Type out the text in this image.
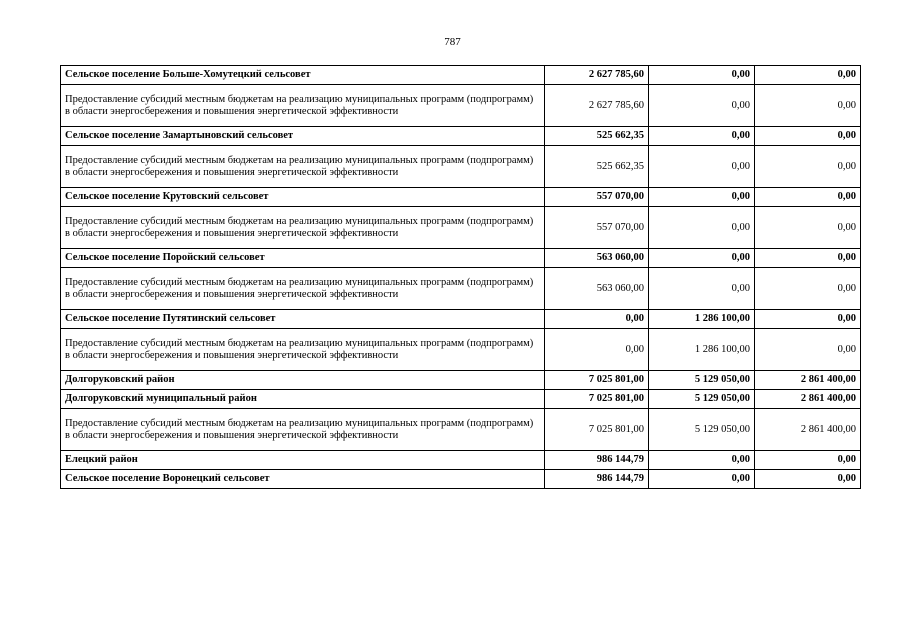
787
Сельское поселение Больше-Хомутецкий сельсовет	2 627 785,60	0,00	0,00
Предоставление субсидий местным бюджетам на реализацию муниципальных программ (подпрограмм) в области энергосбережения и повышения энергетической эффективности	2 627 785,60	0,00	0,00
Сельское поселение Замартыновский сельсовет	525 662,35	0,00	0,00
Предоставление субсидий местным бюджетам на реализацию муниципальных программ (подпрограмм) в области энергосбережения и повышения энергетической эффективности	525 662,35	0,00	0,00
Сельское поселение Крутовский сельсовет	557 070,00	0,00	0,00
Предоставление субсидий местным бюджетам на реализацию муниципальных программ (подпрограмм) в области энергосбережения и повышения энергетической эффективности	557 070,00	0,00	0,00
Сельское поселение Поройский сельсовет	563 060,00	0,00	0,00
Предоставление субсидий местным бюджетам на реализацию муниципальных программ (подпрограмм) в области энергосбережения и повышения энергетической эффективности	563 060,00	0,00	0,00
Сельское поселение Путятинский сельсовет	0,00	1 286 100,00	0,00
Предоставление субсидий местным бюджетам на реализацию муниципальных программ (подпрограмм) в области энергосбережения и повышения энергетической эффективности	0,00	1 286 100,00	0,00
Долгоруковский район	7 025 801,00	5 129 050,00	2 861 400,00
Долгоруковский муниципальный район	7 025 801,00	5 129 050,00	2 861 400,00
Предоставление субсидий местным бюджетам на реализацию муниципальных программ (подпрограмм) в области энергосбережения и повышения энергетической эффективности	7 025 801,00	5 129 050,00	2 861 400,00
Елецкий район	986 144,79	0,00	0,00
Сельское поселение Воронецкий сельсовет	986 144,79	0,00	0,00
